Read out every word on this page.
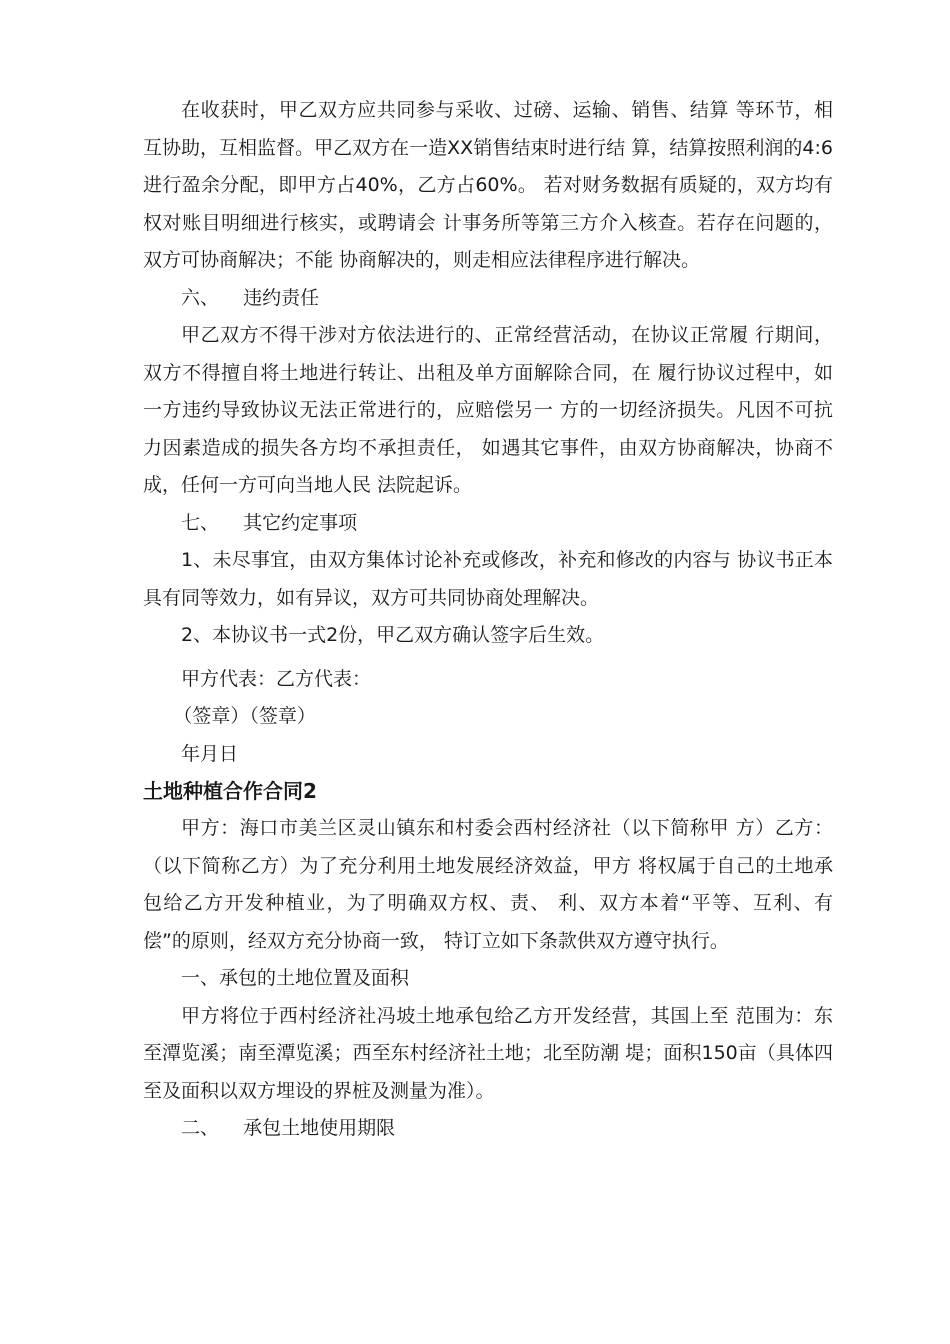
在收获时，甲乙双方应共同参与采收、过磅、运输、销售、结算 等环节，相互协助，互相监督。甲乙双方在一造XX销售结束时进行结 算，结算按照利润的4:6进行盈余分配，即甲方占40%，乙方占60%。 若对财务数据有质疑的，双方均有权对账目明细进行核实，或聘请会 计事务所等第三方介入核查。若存在问题的，双方可协商解决；不能 协商解决的，则走相应法律程序进行解决。

六、    违约责任

甲乙双方不得干涉对方依法进行的、正常经营活动，在协议正常履 行期间，双方不得擅自将土地进行转让、出租及单方面解除合同，在 履行协议过程中，如一方违约导致协议无法正常进行的，应赔偿另一 方的一切经济损失。凡因不可抗力因素造成的损失各方均不承担责任， 如遇其它事件，由双方协商解决，协商不成，任何一方可向当地人民 法院起诉。

七、    其它约定事项

1、未尽事宜，由双方集体讨论补充或修改，补充和修改的内容与 协议书正本具有同等效力，如有异议，双方可共同协商处理解决。

2、本协议书一式2份，甲乙双方确认签字后生效。

甲方代表：乙方代表：

（签章）（签章）

年月日

土地种植合作合同2

甲方：海口市美兰区灵山镇东和村委会西村经济社（以下简称甲 方）乙方：（以下简称乙方）为了充分利用土地发展经济效益，甲方 将权属于自己的土地承包给乙方开发种植业，为了明确双方权、责、 利、双方本着“平等、互利、有偿”的原则，经双方充分协商一致， 特订立如下条款供双方遵守执行。

一、承包的土地位置及面积

甲方将位于西村经济社冯坡土地承包给乙方开发经营，其国上至 范围为：东至潭览溪；南至潭览溪；西至东村经济社土地；北至防潮 堤；面积150亩（具体四至及面积以双方埋设的界桩及测量为准）。

二、    承包土地使用期限
